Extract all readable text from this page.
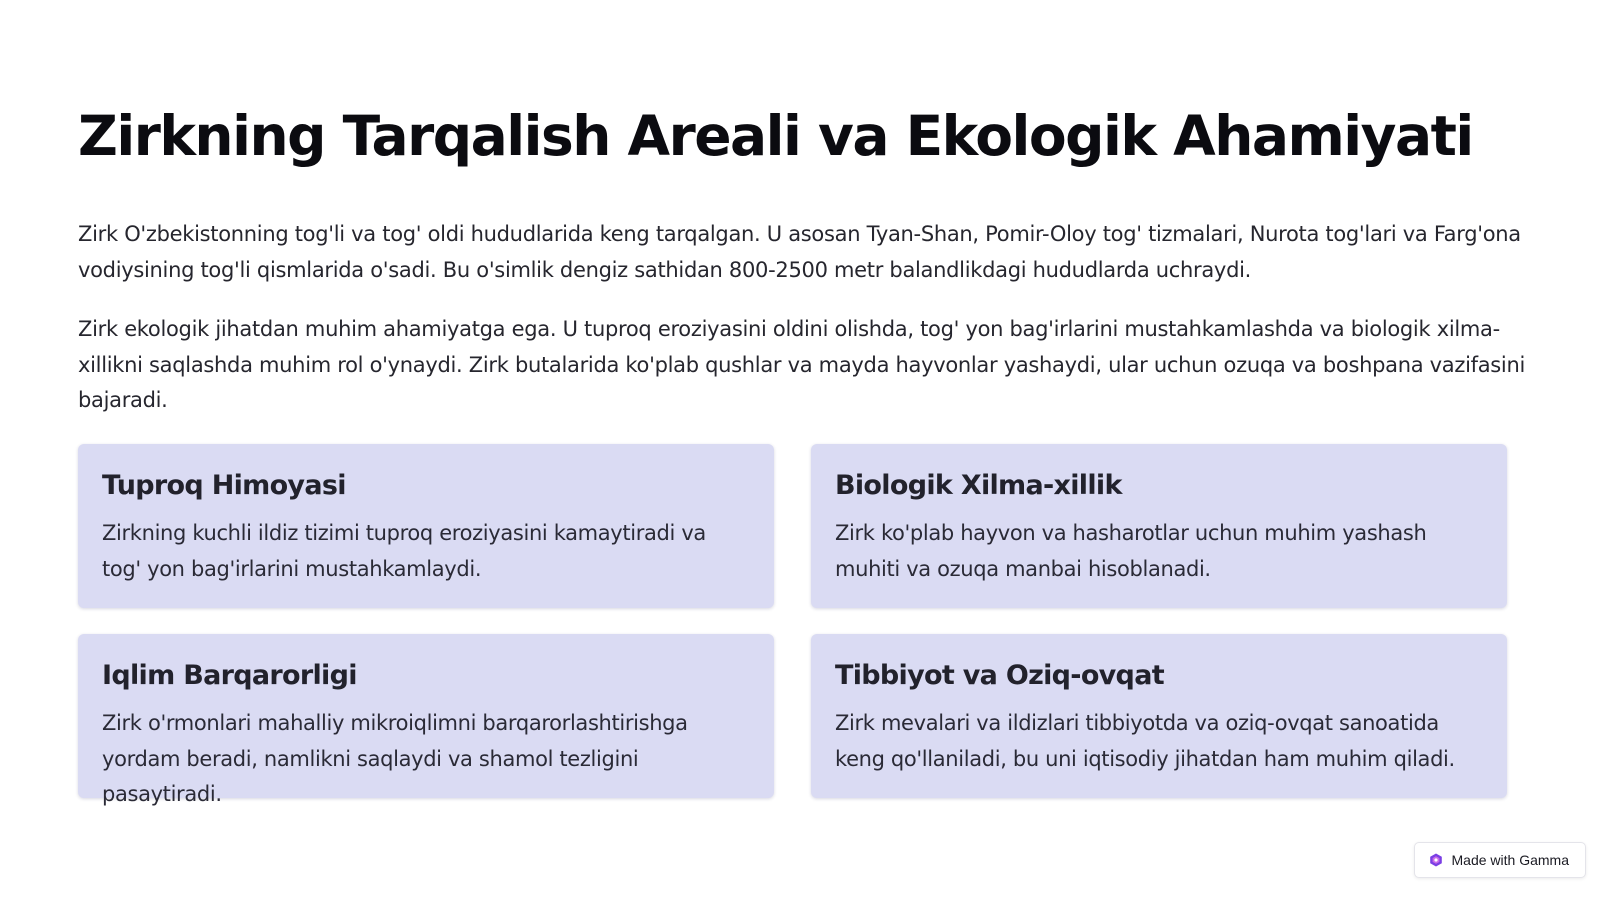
Zirkning Tarqalish Areali va Ekologik Ahamiyati

Zirk O'zbekistonning tog'li va tog' oldi hududlarida keng tarqalgan. U asosan Tyan-Shan, Pomir-Oloy tog' tizmalari, Nurota tog'lari va Farg'ona vodiysining tog'li qismlarida o'sadi. Bu o'simlik dengiz sathidan 800-2500 metr balandlikdagi hududlarda uchraydi.

Zirk ekologik jihatdan muhim ahamiyatga ega. U tuproq eroziyasini oldini olishda, tog' yon bag'irlarini mustahkamlashda va biologik xilma-xillikni saqlashda muhim rol o'ynaydi. Zirk butalarida ko'plab qushlar va mayda hayvonlar yashaydi, ular uchun ozuqa va boshpana vazifasini bajaradi.

Tuproq Himoyasi

Zirkning kuchli ildiz tizimi tuproq eroziyasini kamaytiradi va tog' yon bag'irlarini mustahkamlaydi.

Biologik Xilma-xillik

Zirk ko'plab hayvon va hasharotlar uchun muhim yashash muhiti va ozuqa manbai hisoblanadi.

Iqlim Barqarorligi

Zirk o'rmonlari mahalliy mikroiqlimni barqarorlashtirishga yordam beradi, namlikni saqlaydi va shamol tezligini pasaytiradi.

Tibbiyot va Oziq-ovqat

Zirk mevalari va ildizlari tibbiyotda va oziq-ovqat sanoatida keng qo'llaniladi, bu uni iqtisodiy jihatdan ham muhim qiladi.

Made with Gamma
